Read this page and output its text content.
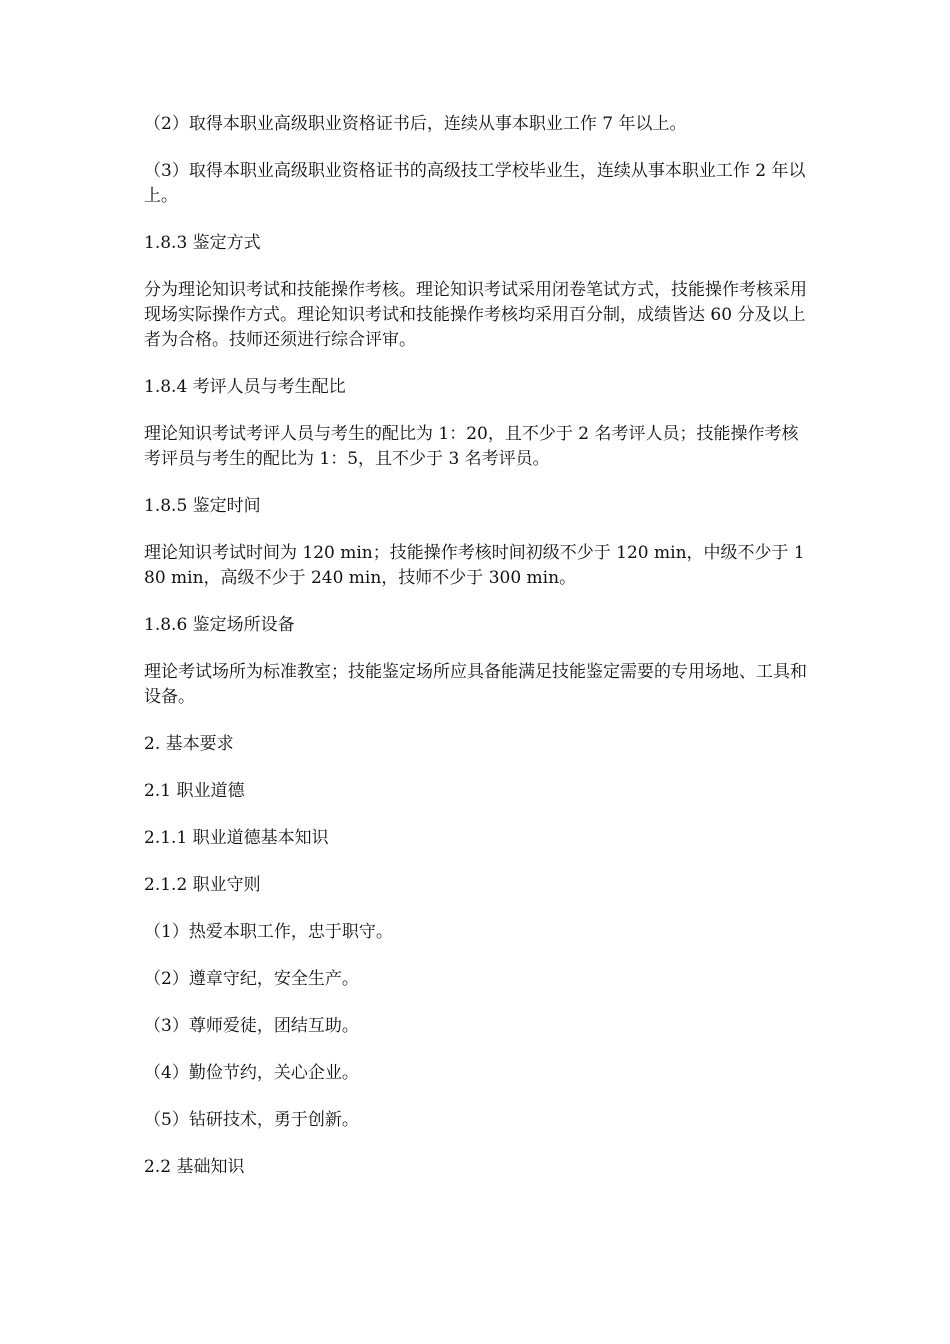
（2）取得本职业高级职业资格证书后，连续从事本职业工作 7 年以上。

（3）取得本职业高级职业资格证书的高级技工学校毕业生，连续从事本职业工作 2 年以上。

1.8.3 鉴定方式

分为理论知识考试和技能操作考核。理论知识考试采用闭卷笔试方式，技能操作考核采用现场实际操作方式。理论知识考试和技能操作考核均采用百分制，成绩皆达 60 分及以上者为合格。技师还须进行综合评审。

1.8.4 考评人员与考生配比

理论知识考试考评人员与考生的配比为 1：20，且不少于 2 名考评人员；技能操作考核考评员与考生的配比为 1：5，且不少于 3 名考评员。

1.8.5 鉴定时间

理论知识考试时间为 120 min；技能操作考核时间初级不少于 120 min，中级不少于 180 min，高级不少于 240 min，技师不少于 300 min。

1.8.6 鉴定场所设备

理论考试场所为标准教室；技能鉴定场所应具备能满足技能鉴定需要的专用场地、工具和设备。

2. 基本要求

2.1 职业道德

2.1.1 职业道德基本知识

2.1.2 职业守则

（1）热爱本职工作，忠于职守。

（2）遵章守纪，安全生产。

（3）尊师爱徒，团结互助。

（4）勤俭节约，关心企业。

（5）钻研技术，勇于创新。

2.2 基础知识
